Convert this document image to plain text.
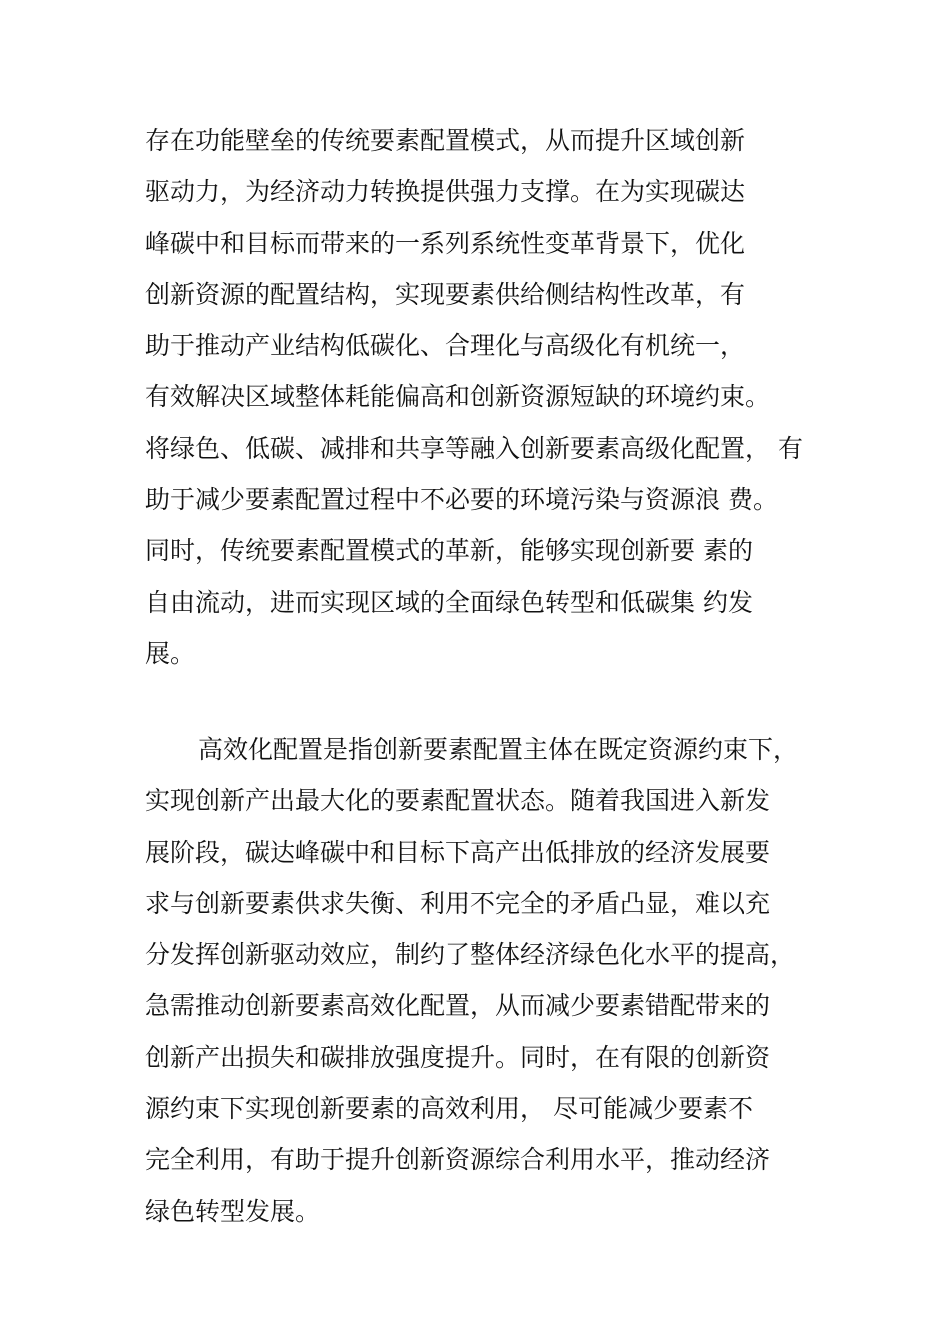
存在功能壁垒的传统要素配置模式，从而提升区域创新
驱动力，为经济动力转换提供强力支撑。在为实现碳达
峰碳中和目标而带来的一系列系统性变革背景下，优化
创新资源的配置结构，实现要素供给侧结构性改革，有
助于推动产业结构低碳化、合理化与高级化有机统一，
有效解决区域整体耗能偏高和创新资源短缺的环境约束。
将绿色、低碳、减排和共享等融入创新要素高级化配置， 有
助于减少要素配置过程中不必要的环境污染与资源浪 费。
同时，传统要素配置模式的革新，能够实现创新要 素的
自由流动，进而实现区域的全面绿色转型和低碳集 约发
展。
高效化配置是指创新要素配置主体在既定资源约束下，
实现创新产出最大化的要素配置状态。随着我国进入新发
展阶段，碳达峰碳中和目标下高产出低排放的经济发展要
求与创新要素供求失衡、利用不完全的矛盾凸显，难以充
分发挥创新驱动效应，制约了整体经济绿色化水平的提高，
急需推动创新要素高效化配置，从而减少要素错配带来的
创新产出损失和碳排放强度提升。同时，在有限的创新资
源约束下实现创新要素的高效利用， 尽可能减少要素不
完全利用，有助于提升创新资源综合利用水平，推动经济
绿色转型发展。
